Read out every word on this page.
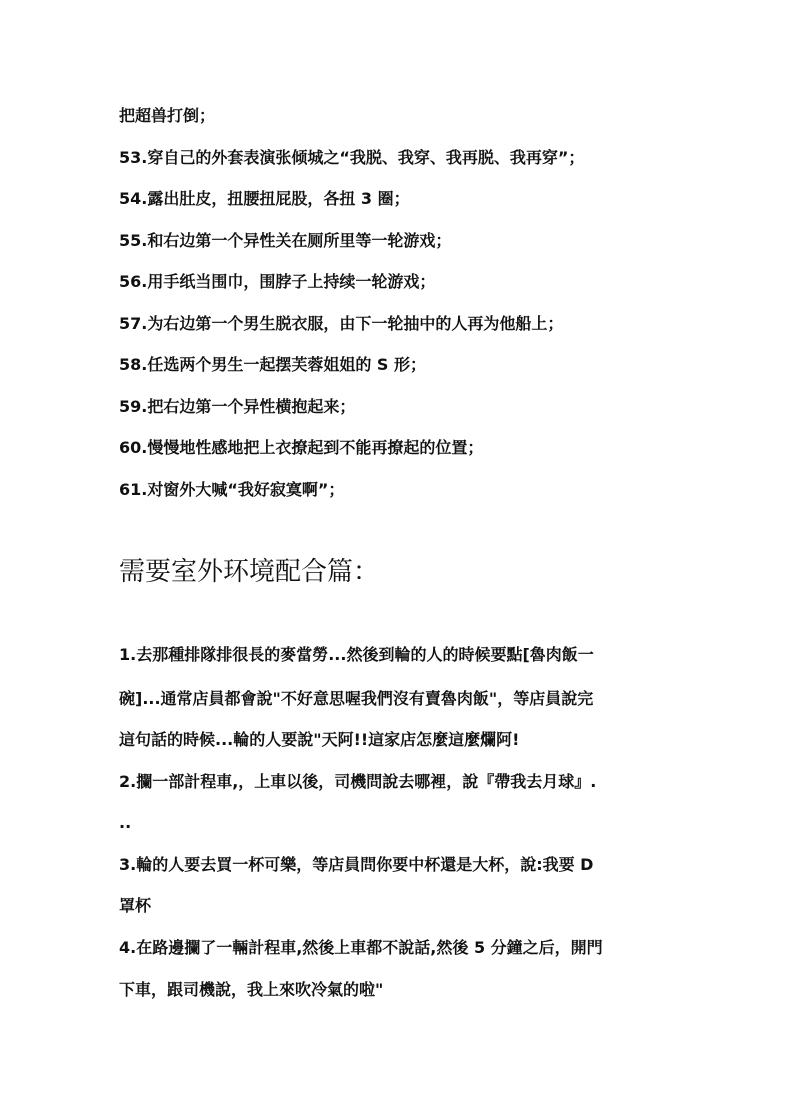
把超兽打倒；
53.穿自己的外套表演张倾城之“我脱、我穿、我再脱、我再穿”；
54.露出肚皮，扭腰扭屁股，各扭 3 圈；
55.和右边第一个异性关在厕所里等一轮游戏；
56.用手纸当围巾，围脖子上持续一轮游戏；
57.为右边第一个男生脱衣服，由下一轮抽中的人再为他船上；
58.任选两个男生一起摆芙蓉姐姐的 S 形；
59.把右边第一个异性横抱起来；
60.慢慢地性感地把上衣撩起到不能再撩起的位置；
61.对窗外大喊“我好寂寞啊”；
需要室外环境配合篇：
1.去那種排隊排很長的麥當勞...然後到輪的人的時候要點[魯肉飯一
碗]...通常店員都會說"不好意思喔我們沒有賣魯肉飯"，等店員說完
這句話的時候...輪的人要說"天阿!!這家店怎麼這麼爛阿!
2.攔一部計程車,，上車以後，司機問說去哪裡，說『帶我去月球』.
..
3.輪的人要去買一杯可樂，等店員問你要中杯還是大杯，說:我要 D
罩杯
4.在路邊攔了一輛計程車,然後上車都不說話,然後 5 分鐘之后，開門
下車，跟司機說，我上來吹冷氣的啦"
